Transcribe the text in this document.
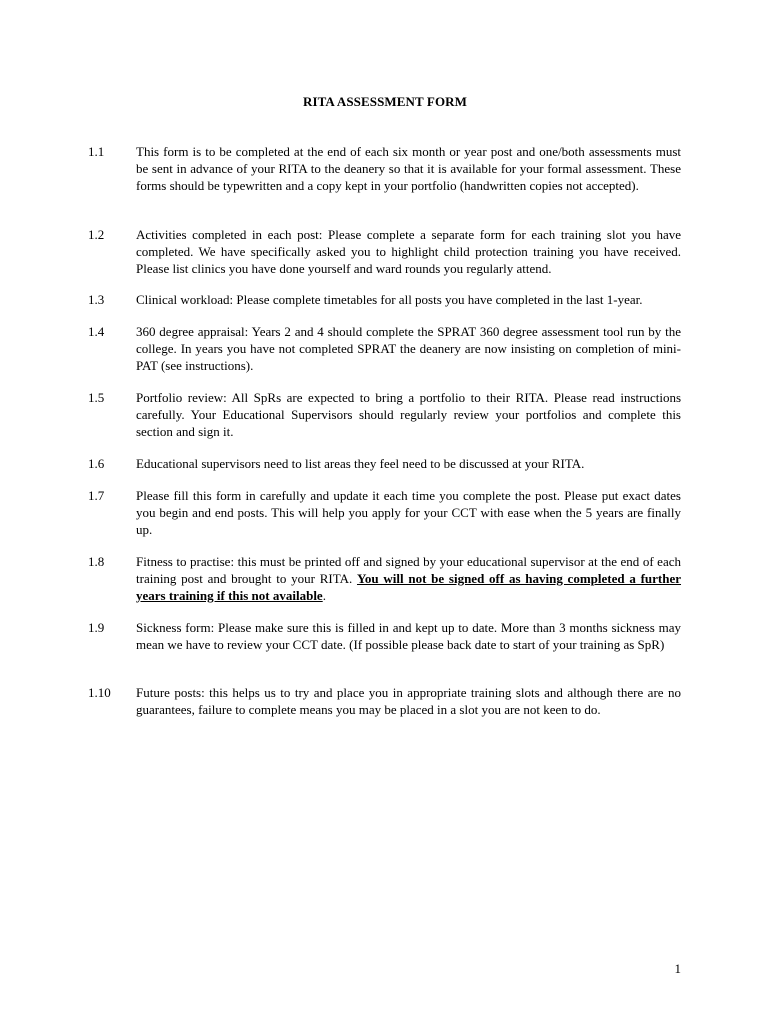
RITA ASSESSMENT FORM
1.1	This form is to be completed at the end of each six month or year post and one/both assessments must be sent in advance of your RITA to the deanery so that it is available for your formal assessment. These forms should be typewritten and a copy kept in your portfolio (handwritten copies not accepted).
1.2	Activities completed in each post: Please complete a separate form for each training slot you have completed. We have specifically asked you to highlight child protection training you have received. Please list clinics you have done yourself and ward rounds you regularly attend.
1.3	Clinical workload: Please complete timetables for all posts you have completed in the last 1-year.
1.4	360 degree appraisal: Years 2 and 4 should complete the SPRAT 360 degree assessment tool run by the college. In years you have not completed SPRAT the deanery are now insisting on completion of mini-PAT (see instructions).
1.5	Portfolio review: All SpRs are expected to bring a portfolio to their RITA. Please read instructions carefully. Your Educational Supervisors should regularly review your portfolios and complete this section and sign it.
1.6	Educational supervisors need to list areas they feel need to be discussed at your RITA.
1.7	Please fill this form in carefully and update it each time you complete the post. Please put exact dates you begin and end posts. This will help you apply for your CCT with ease when the 5 years are finally up.
1.8	Fitness to practise: this must be printed off and signed by your educational supervisor at the end of each training post and brought to your RITA. You will not be signed off as having completed a further years training if this not available.
1.9	Sickness form: Please make sure this is filled in and kept up to date. More than 3 months sickness may mean we have to review your CCT date. (If possible please back date to start of your training as SpR)
1.10	Future posts: this helps us to try and place you in appropriate training slots and although there are no guarantees, failure to complete means you may be placed in a slot you are not keen to do.
1
